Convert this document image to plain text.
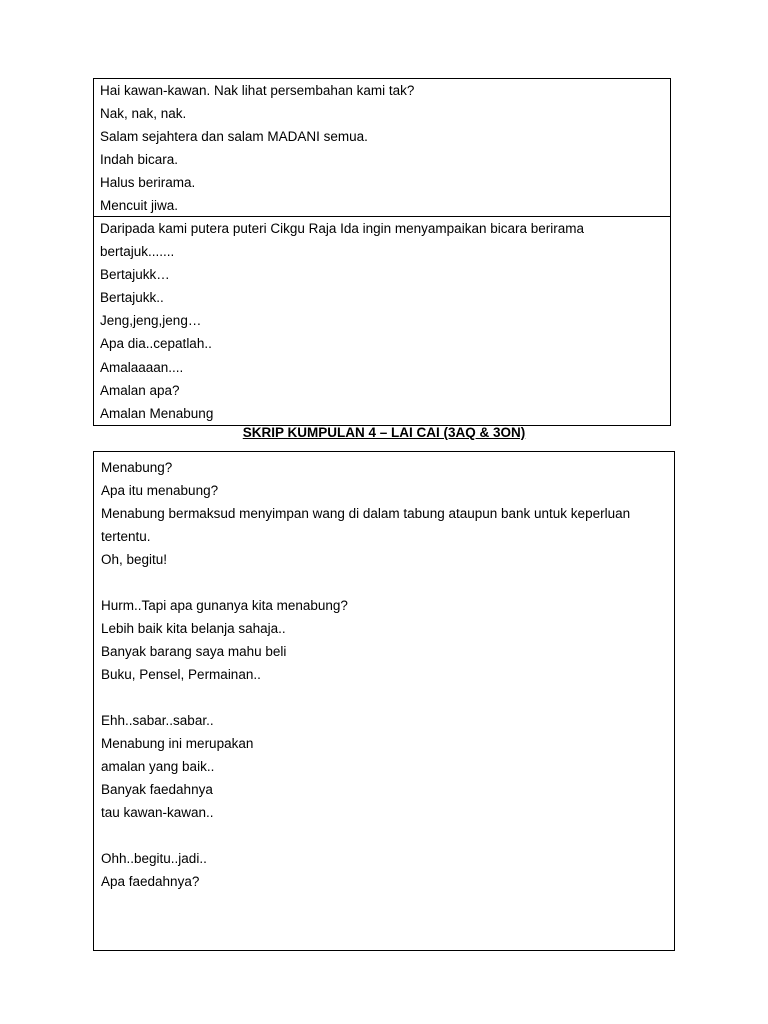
Hai kawan-kawan. Nak lihat persembahan kami tak?
Nak, nak, nak.
Salam sejahtera dan salam MADANI semua.
Indah bicara.
Halus berirama.
Mencuit jiwa.
Daripada kami putera puteri Cikgu Raja Ida ingin menyampaikan bicara berirama
bertajuk.......
Bertajukk…
Bertajukk..
Jeng,jeng,jeng…
Apa dia..cepatlah..
Amalaaaan....
Amalan apa?
Amalan Menabung
SKRIP KUMPULAN 4 – LAI CAI (3AQ & 3ON)
Menabung?
Apa itu menabung?
Menabung bermaksud menyimpan wang di dalam tabung ataupun bank untuk keperluan
tertentu.
Oh, begitu!
Hurm..Tapi apa gunanya kita menabung?
Lebih baik kita belanja sahaja..
Banyak barang saya mahu beli
Buku, Pensel, Permainan..
Ehh..sabar..sabar..
Menabung ini merupakan
amalan yang baik..
Banyak faedahnya
tau kawan-kawan..
Ohh..begitu..jadi..
Apa faedahnya?
